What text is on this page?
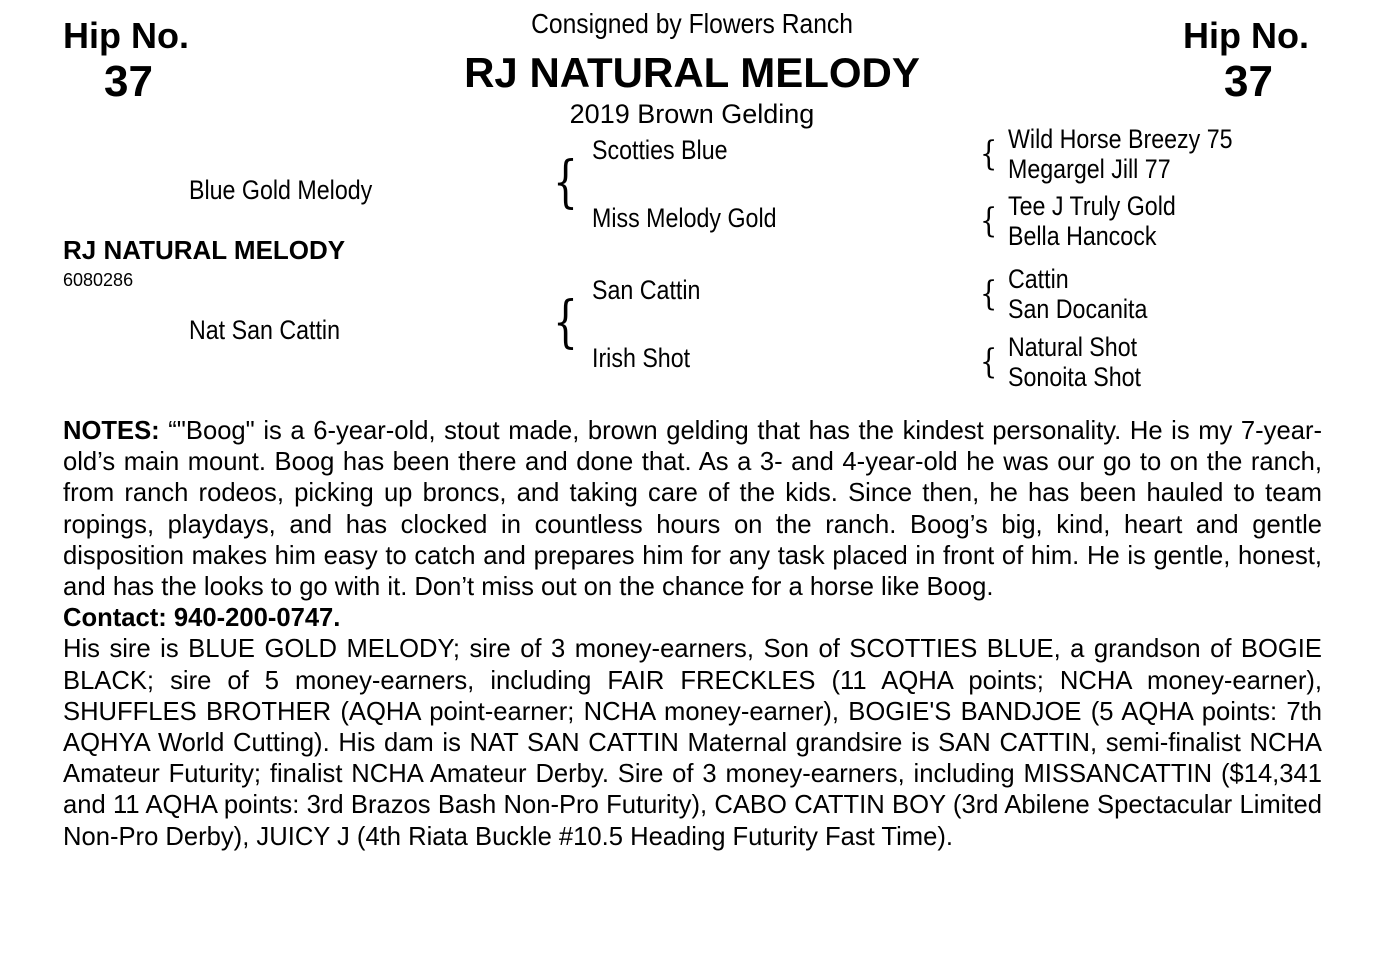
Hip No.
37
Hip No.
37
Consigned by Flowers Ranch
RJ NATURAL MELODY
2019 Brown Gelding
RJ NATURAL MELODY
6080286
Blue Gold Melody
Nat San Cattin
{
{
Scotties Blue
Miss Melody Gold
San Cattin
Irish Shot
{
{
{
{
Wild Horse Breezy 75
Megargel Jill 77
Tee J Truly Gold
Bella Hancock
Cattin
San Docanita
Natural Shot
Sonoita Shot

NOTES: “"Boog" is a 6-year-old, stout made, brown gelding that has the kindest personality. He is my 7-year-old’s main mount. Boog has been there and done that. As a 3- and 4-year-old he was our go to on the ranch, from ranch rodeos, picking up broncs, and taking care of the kids. Since then, he has been hauled to team ropings, playdays, and has clocked in countless hours on the ranch. Boog’s big, kind, heart and gentle disposition makes him easy to catch and prepares him for any task placed in front of him. He is gentle, honest, and has the looks to go with it. Don’t miss out on the chance for a horse like Boog.

Contact: 940-200-0747.

His sire is BLUE GOLD MELODY; sire of 3 money-earners, Son of SCOTTIES BLUE, a grandson of BOGIE BLACK; sire of 5 money-earners, including FAIR FRECKLES (11 AQHA points; NCHA money-earner), SHUFFLES BROTHER (AQHA point-earner; NCHA money-earner), BOGIE'S BANDJOE (5 AQHA points: 7th AQHYA World Cutting). His dam is NAT SAN CATTIN Maternal grandsire is SAN CATTIN, semi-finalist NCHA Amateur Futurity; finalist NCHA Amateur Derby. Sire of 3 money-earners, including MISSANCATTIN ($14,341 and 11 AQHA points: 3rd Brazos Bash Non-Pro Futurity), CABO CATTIN BOY (3rd Abilene Spectacular Limited Non-Pro Derby), JUICY J (4th Riata Buckle #10.5 Heading Futurity Fast Time).
